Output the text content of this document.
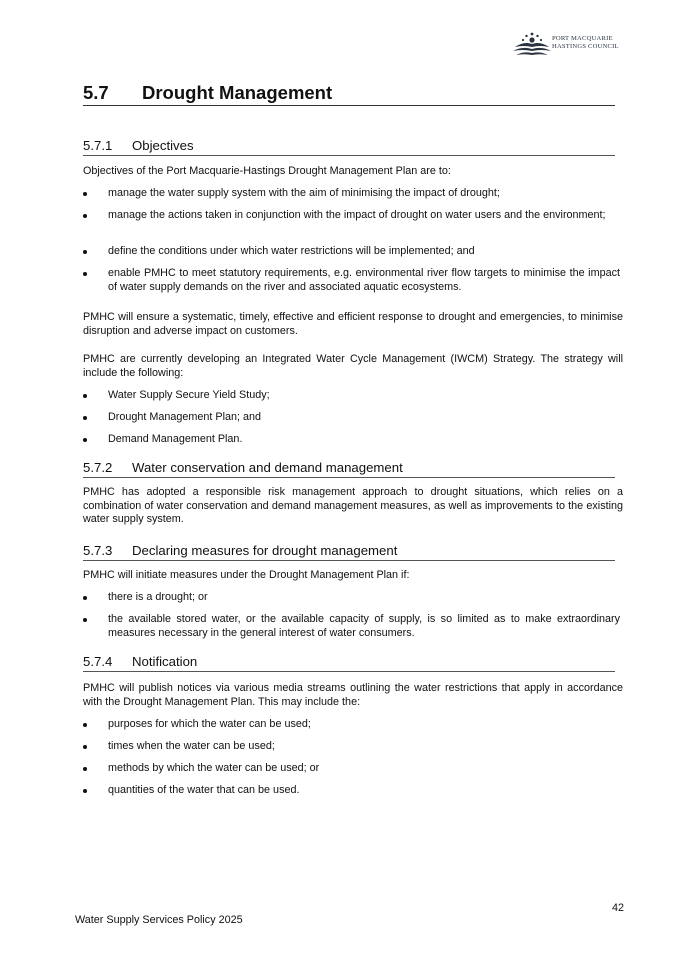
PORT MACQUARIE
HASTINGS COUNCIL
5.7 Drought Management
5.7.1 Objectives
Objectives of the Port Macquarie-Hastings Drought Management Plan are to:
manage the water supply system with the aim of minimising the impact of drought;
manage the actions taken in conjunction with the impact of drought on water users and the environment;
define the conditions under which water restrictions will be implemented; and
enable PMHC to meet statutory requirements, e.g. environmental river flow targets to minimise the impact of water supply demands on the river and associated aquatic ecosystems.
PMHC will ensure a systematic, timely, effective and efficient response to drought and emergencies, to minimise disruption and adverse impact on customers.
PMHC are currently developing an Integrated Water Cycle Management (IWCM) Strategy. The strategy will include the following:
Water Supply Secure Yield Study;
Drought Management Plan; and
Demand Management Plan.
5.7.2 Water conservation and demand management
PMHC has adopted a responsible risk management approach to drought situations, which relies on a combination of water conservation and demand management measures, as well as improvements to the existing water supply system.
5.7.3 Declaring measures for drought management
PMHC will initiate measures under the Drought Management Plan if:
there is a drought; or
the available stored water, or the available capacity of supply, is so limited as to make extraordinary measures necessary in the general interest of water consumers.
5.7.4 Notification
PMHC will publish notices via various media streams outlining the water restrictions that apply in accordance with the Drought Management Plan. This may include the:
purposes for which the water can be used;
times when the water can be used;
methods by which the water can be used; or
quantities of the water that can be used.
42
Water Supply Services Policy 2025
